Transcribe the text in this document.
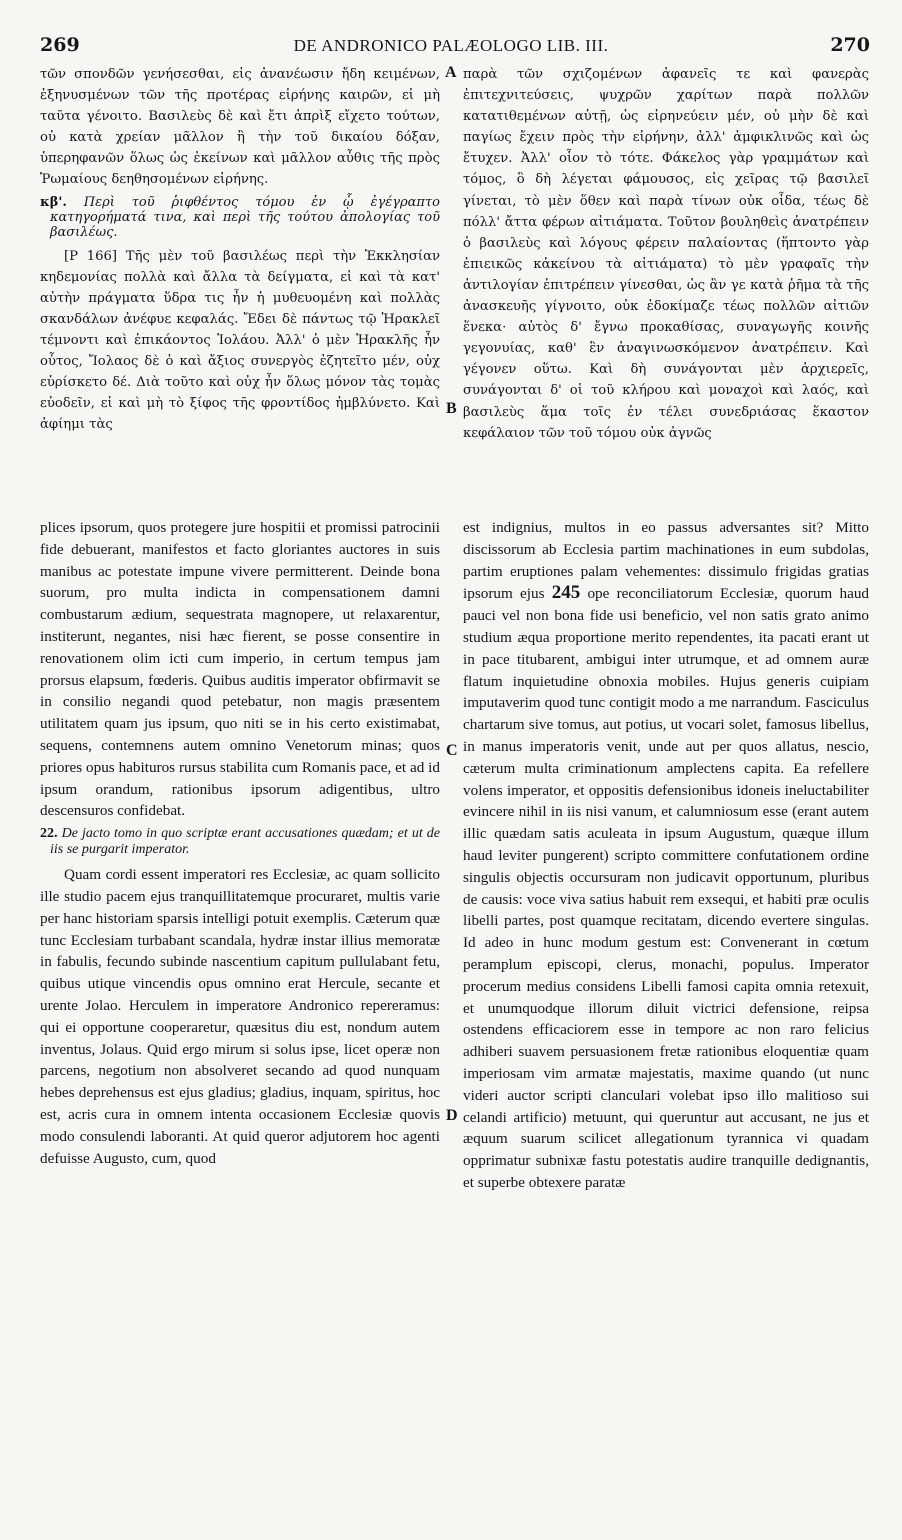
269	DE ANDRONICO PALÆOLOGO LIB. III.	270

τῶν σπονδῶν γενήσεσθαι, εἰς ἀνανέωσιν ἤδη κειμένων, ἐξηνυσμένων τῶν τῆς προτέρας εἰρήνης καιρῶν, εἰ μὴ ταῦτα γένοιτο. Βασιλεὺς δὲ καὶ ἔτι ἀπρὶξ εἴχετο τούτων, οὐ κατὰ χρείαν μᾶλλον ἢ τὴν τοῦ δικαίου δόξαν, ὑπερηφανῶν ὅλως ὡς ἐκείνων καὶ μᾶλλον αὖθις τῆς πρὸς Ῥωμαίους δεηθησομένων εἰρήνης.

κβ'. Περὶ τοῦ ῥιφθέντος τόμου ἐν ᾧ ἐγέγραπτο κατηγορήματά τινα, καὶ περὶ τῆς τούτου ἀπολογίας τοῦ βασιλέως.

[P 166] Τῆς μὲν τοῦ βασιλέως περὶ τὴν Ἐκκλησίαν κηδεμονίας πολλὰ καὶ ἄλλα τὰ δείγματα, εἰ καὶ τὰ κατ' αὐτὴν πράγματα ὕδρα τις ἦν ἡ μυθευομένη καὶ πολλὰς σκανδάλων ἀνέφυε κεφαλάς. Ἔδει δὲ πάντως τῷ Ἡρακλεῖ τέμνοντι καὶ ἐπικάοντος Ἰολάου. Ἀλλ' ὁ μὲν Ἡρακλῆς ἦν οὗτος, Ἴολαος δὲ ὁ καὶ ἄξιος συνεργὸς ἐζητεῖτο μέν, οὐχ εὑρίσκετο δέ. Διὰ τοῦτο καὶ οὐχ ἦν ὅλως μόνον τὰς τομὰς εὐοδεῖν, εἰ καὶ μὴ τὸ ξίφος τῆς φροντίδος ἠμβλύνετο. Καὶ ἀφίημι τὰς

παρὰ τῶν σχιζομένων ἀφανεῖς τε καὶ φανερὰς ἐπιτεχνιτεύσεις, ψυχρῶν χαρίτων παρὰ πολλῶν κατατιθεμένων αὐτῇ, ὡς εἰρηνεύειν μέν, οὐ μὴν δὲ καὶ παγίως ἔχειν πρὸς τὴν εἰρήνην, ἀλλ' ἀμφικλινῶς καὶ ὡς ἔτυχεν. Ἀλλ' οἷον τὸ τότε. Φάκελος γὰρ γραμμάτων καὶ τόμος, ὃ δὴ λέγεται φάμουσος, εἰς χεῖρας τῷ βασιλεῖ γίνεται, τὸ μὲν ὅθεν καὶ παρὰ τίνων οὐκ οἶδα, τέως δὲ πόλλ' ἄττα φέρων αἰτιάματα. Τοῦτον βουληθεὶς ἀνατρέπειν ὁ βασιλεὺς καὶ λόγους φέρειν παλαίοντας (ἥπτοντο γὰρ ἐπιεικῶς κἀκείνου τὰ αἰτιάματα) τὸ μὲν γραφαῖς τὴν ἀντιλογίαν ἐπιτρέπειν γίνεσθαι, ὡς ἂν γε κατὰ ῥῆμα τὰ τῆς ἀνασκευῆς γίγνοιτο, οὐκ ἐδοκίμαζε τέως πολλῶν αἰτιῶν ἕνεκα· αὐτὸς δ' ἔγνω προκαθίσας, συναγωγῆς κοινῆς γεγονυίας, καθ' ἓν ἀναγινωσκόμενον ἀνατρέπειν. Καὶ γέγονεν οὕτω. Καὶ δὴ συνάγονται μὲν ἀρχιερεῖς, συνάγονται δ' οἱ τοῦ κλήρου καὶ μοναχοὶ καὶ λαός, καὶ βασιλεὺς ἅμα τοῖς ἐν τέλει συνεδριάσας ἕκαστον κεφάλαιον τῶν τοῦ τόμου οὐκ ἀγνῶς

plices ipsorum, quos protegere jure hospitii et promissi patrocinii fide debuerant, manifestos et facto gloriantes auctores in suis manibus ac potestate impune vivere permitterent. Deinde bona suorum, pro multa indicta in compensationem damni combustarum ædium, sequestrata magnopere, ut relaxarentur, institerunt, negantes, nisi hæc fierent, se posse consentire in renovationem olim icti cum imperio, in certum tempus jam prorsus elapsum, fœderis. Quibus auditis imperator obfirmavit se in consilio negandi quod petebatur, non magis præsentem utilitatem quam jus ipsum, quo niti se in his certo existimabat, sequens, contemnens autem omnino Venetorum minas; quos priores opus habituros rursus stabilita cum Romanis pace, et ad id ipsum orandum, rationibus ipsorum adigentibus, ultro descensuros confidebat.

22. De jacto tomo in quo scriptæ erant accusationes quædam; et ut de iis se purgarit imperator.

Quam cordi essent imperatori res Ecclesiæ, ac quam sollicito ille studio pacem ejus tranquillitatemque procuraret, multis varie per hanc historiam sparsis intelligi potuit exemplis. Cæterum quæ tunc Ecclesiam turbabant scandala, hydræ instar illius memoratæ in fabulis, fecundo subinde nascentium capitum pullulabant fetu, quibus utique vincendis opus omnino erat Hercule, secante et urente Jolao. Herculem in imperatore Andronico repereramus: qui ei opportune cooperaretur, quæsitus diu est, nondum autem inventus, Jolaus. Quid ergo mirum si solus ipse, licet operæ non parcens, negotium non absolveret secando ad quod nunquam hebes deprehensus est ejus gladius; gladius, inquam, spiritus, hoc est, acris cura in omnem intenta occasionem Ecclesiæ quovis modo consulendi laboranti. At quid queror adjutorem hoc agenti defuisse Augusto, cum, quod

est indignius, multos in eo passus adversantes sit? Mitto discissorum ab Ecclesia partim machinationes in eum subdolas, partim eruptiones palam vehementes: dissimulo frigidas gratias ipsorum ejus 245 ope reconciliatorum Ecclesiæ, quorum haud pauci vel non bona fide usi beneficio, vel non satis grato animo studium æqua proportione merito rependentes, ita pacati erant ut in pace titubarent, ambigui inter utrumque, et ad omnem auræ flatum inquietudine obnoxia mobiles. Hujus generis cuipiam imputaverim quod tunc contigit modo a me narrandum. Fasciculus chartarum sive tomus, aut potius, ut vocari solet, famosus libellus, in manus imperatoris venit, unde aut per quos allatus, nescio, cæterum multa criminationum amplectens capita. Ea refellere volens imperator, et oppositis defensionibus idoneis ineluctabiliter evincere nihil in iis nisi vanum, et calumniosum esse (erant autem illic quædam satis aculeata in ipsum Augustum, quæque illum haud leviter pungerent) scripto committere confutationem ordine singulis objectis occursuram non judicavit opportunum, pluribus de causis: voce viva satius habuit rem exsequi, et habiti præ oculis libelli partes, post quamque recitatam, dicendo evertere singulas. Id adeo in hunc modum gestum est: Convenerant in cœtum peramplum episcopi, clerus, monachi, populus. Imperator procerum medius considens Libelli famosi capita omnia retexuit, et unumquodque illorum diluit victrici defensione, reipsa ostendens efficaciorem esse in tempore ac non raro felicius adhiberi suavem persuasionem fretæ rationibus eloquentiæ quam imperiosam vim armatæ majestatis, maxime quando (ut nunc videri auctor scripti clanculari volebat ipso illo malitioso sui celandi artificio) metuunt, qui queruntur aut accusant, ne jus et æquum suarum scilicet allegationum tyrannica vi quadam opprimatur subnixæ fastu potestatis audire tranquille dedignantis, et superbe obtexere paratæ

A
B
C
D
